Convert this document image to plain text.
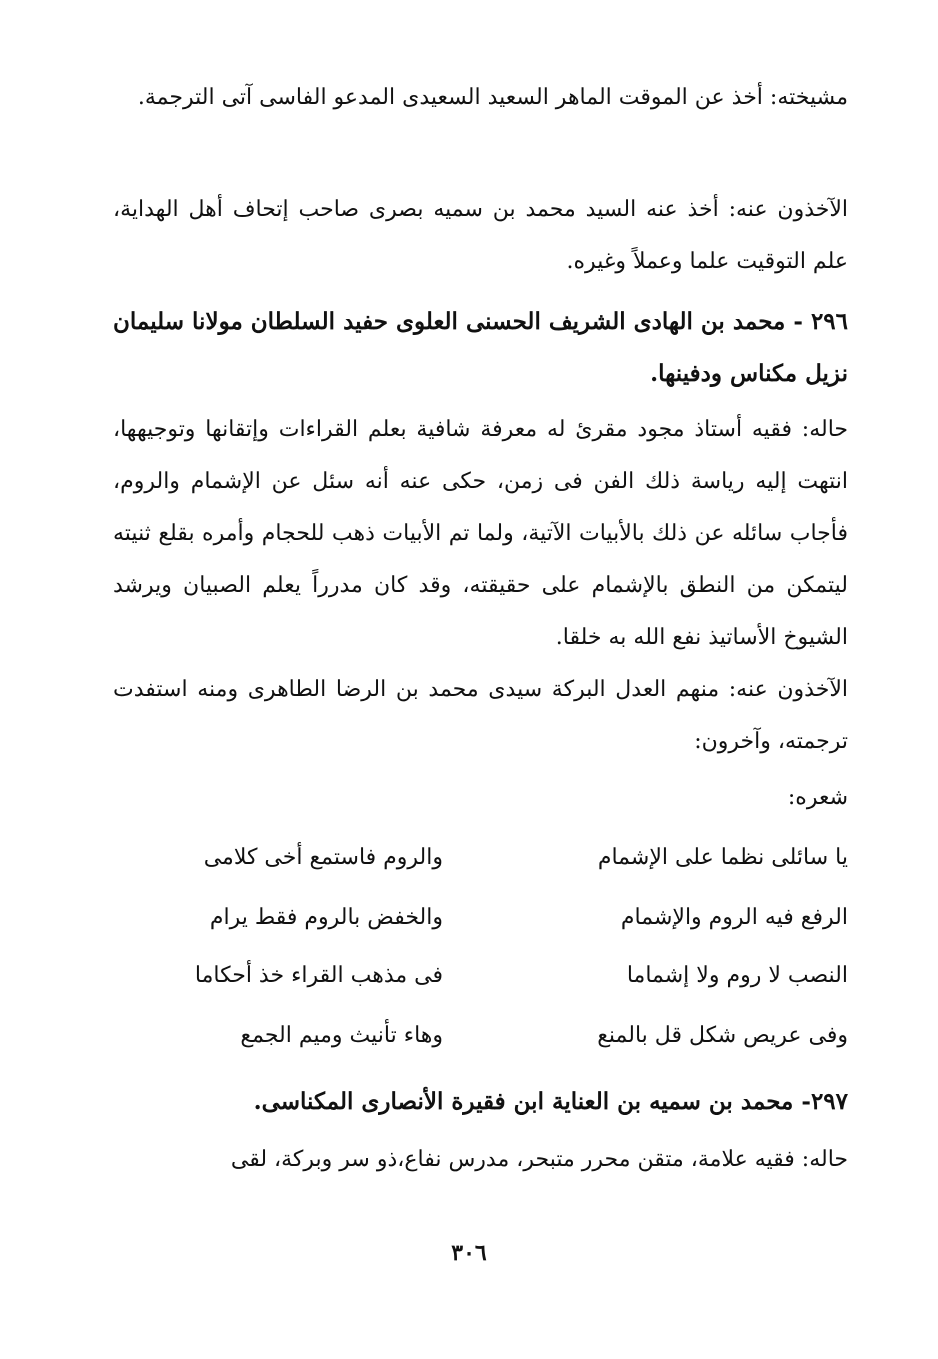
مشيخته: أخذ عن الموقت الماهر السعيد السعيدى المدعو الفاسى آتى الترجمة.
الآخذون عنه: أخذ عنه السيد محمد بن سميه بصرى صاحب إتحاف أهل الهداية، علم التوقيت علما وعملاً وغيره.
٢٩٦ - محمد بن الهادى الشريف الحسنى العلوى حفيد السلطان مولانا سليمان نزيل مكناس ودفينها.
حاله: فقيه أستاذ مجود مقرئ له معرفة شافية بعلم القراءات وإتقانها وتوجيهها، انتهت إليه رياسة ذلك الفن فى زمن، حكى عنه أنه سئل عن الإشمام والروم، فأجاب سائله عن ذلك بالأبيات الآتية، ولما تم الأبيات ذهب للحجام وأمره بقلع ثنيته ليتمكن من النطق بالإشمام على حقيقته، وقد كان مدرراً يعلم الصبيان ويرشد الشيوخ الأساتيذ نفع الله به خلقا.
الآخذون عنه: منهم العدل البركة سيدى محمد بن الرضا الطاهرى ومنه استفدت ترجمته، وآخرون:
شعره:
يا سائلى نظما على الإشمام
والروم فاستمع أخى كلامى
الرفع فيه الروم والإشمام
والخفض بالروم فقط يرام
النصب لا روم ولا إشماما
فى مذهب القراء خذ أحكاما
وفى عريص شكل قل بالمنع
وهاء تأنيث وميم الجمع
٢٩٧- محمد بن سميه بن العناية ابن فقيرة الأنصارى المكناسى.
حاله: فقيه علامة، متقن محرر متبحر، مدرس نفاع،ذو سر وبركة، لقى
٣٠٦
